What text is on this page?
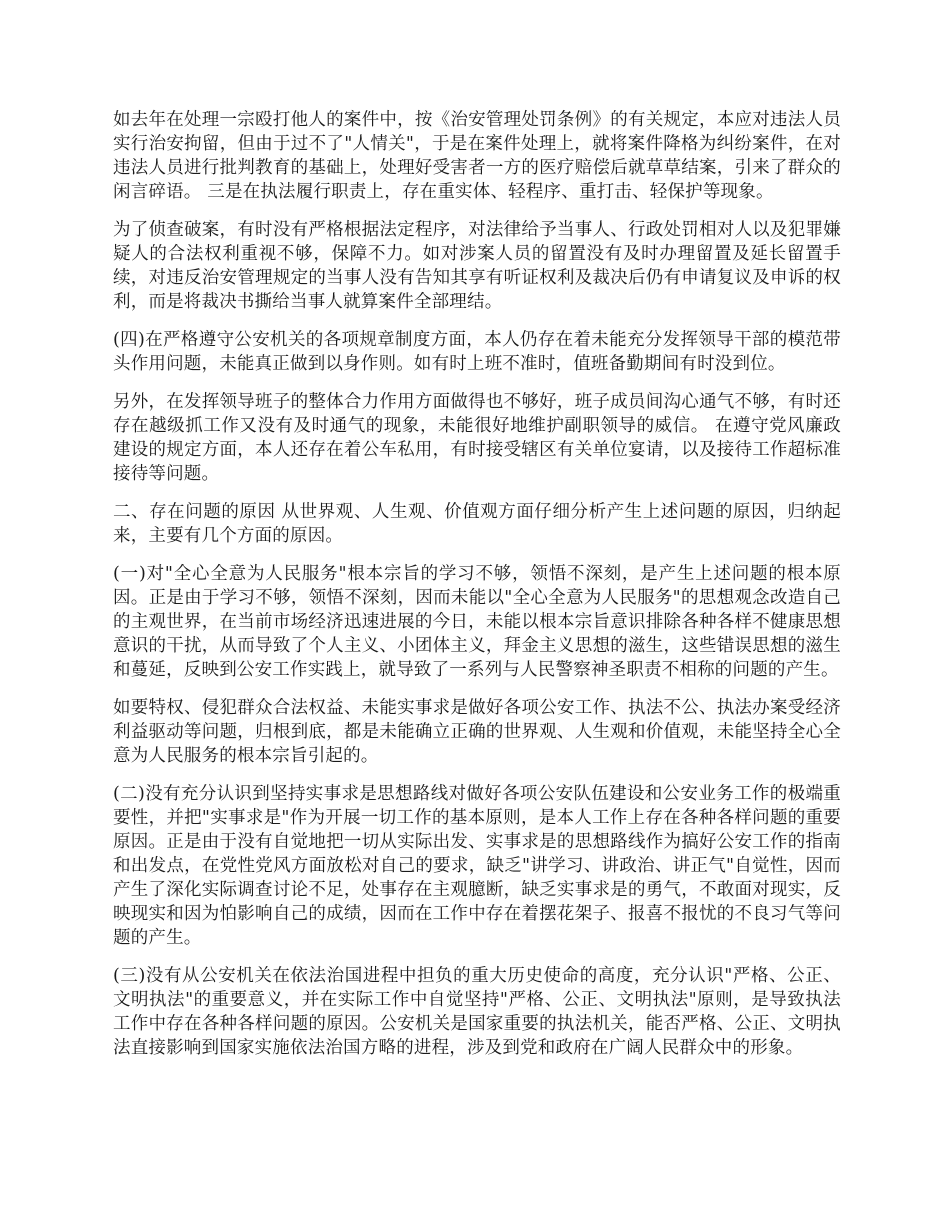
如去年在处理一宗殴打他人的案件中，按《治安管理处罚条例》的有关规定，本应对违法人员实行治安拘留，但由于过不了"人情关"，于是在案件处理上，就将案件降格为纠纷案件，在对违法人员进行批判教育的基础上，处理好受害者一方的医疗赔偿后就草草结案，引来了群众的闲言碎语。 三是在执法履行职责上，存在重实体、轻程序、重打击、轻保护等现象。

为了侦查破案，有时没有严格根据法定程序，对法律给予当事人、行政处罚相对人以及犯罪嫌疑人的合法权利重视不够，保障不力。如对涉案人员的留置没有及时办理留置及延长留置手续，对违反治安管理规定的当事人没有告知其享有听证权利及裁决后仍有申请复议及申诉的权利，而是将裁决书撕给当事人就算案件全部理结。

(四)在严格遵守公安机关的各项规章制度方面，本人仍存在着未能充分发挥领导干部的模范带头作用问题，未能真正做到以身作则。如有时上班不准时，值班备勤期间有时没到位。

另外，在发挥领导班子的整体合力作用方面做得也不够好，班子成员间沟心通气不够，有时还存在越级抓工作又没有及时通气的现象，未能很好地维护副职领导的威信。 在遵守党风廉政建设的规定方面，本人还存在着公车私用，有时接受辖区有关单位宴请，以及接待工作超标准接待等问题。

二、存在问题的原因 从世界观、人生观、价值观方面仔细分析产生上述问题的原因，归纳起来，主要有几个方面的原因。

(一)对"全心全意为人民服务"根本宗旨的学习不够，领悟不深刻，是产生上述问题的根本原因。正是由于学习不够，领悟不深刻，因而未能以"全心全意为人民服务"的思想观念改造自己的主观世界，在当前市场经济迅速进展的今日，未能以根本宗旨意识排除各种各样不健康思想意识的干扰，从而导致了个人主义、小团体主义，拜金主义思想的滋生，这些错误思想的滋生和蔓延，反映到公安工作实践上，就导致了一系列与人民警察神圣职责不相称的问题的产生。

如要特权、侵犯群众合法权益、未能实事求是做好各项公安工作、执法不公、执法办案受经济利益驱动等问题，归根到底，都是未能确立正确的世界观、人生观和价值观，未能坚持全心全意为人民服务的根本宗旨引起的。

(二)没有充分认识到坚持实事求是思想路线对做好各项公安队伍建设和公安业务工作的极端重要性，并把"实事求是"作为开展一切工作的基本原则，是本人工作上存在各种各样问题的重要原因。正是由于没有自觉地把一切从实际出发、实事求是的思想路线作为搞好公安工作的指南和出发点，在党性党风方面放松对自己的要求，缺乏"讲学习、讲政治、讲正气"自觉性，因而产生了深化实际调查讨论不足，处事存在主观臆断，缺乏实事求是的勇气，不敢面对现实，反映现实和因为怕影响自己的成绩，因而在工作中存在着摆花架子、报喜不报忧的不良习气等问题的产生。

(三)没有从公安机关在依法治国进程中担负的重大历史使命的高度，充分认识"严格、公正、文明执法"的重要意义，并在实际工作中自觉坚持"严格、公正、文明执法"原则，是导致执法工作中存在各种各样问题的原因。公安机关是国家重要的执法机关，能否严格、公正、文明执法直接影响到国家实施依法治国方略的进程，涉及到党和政府在广阔人民群众中的形象。
